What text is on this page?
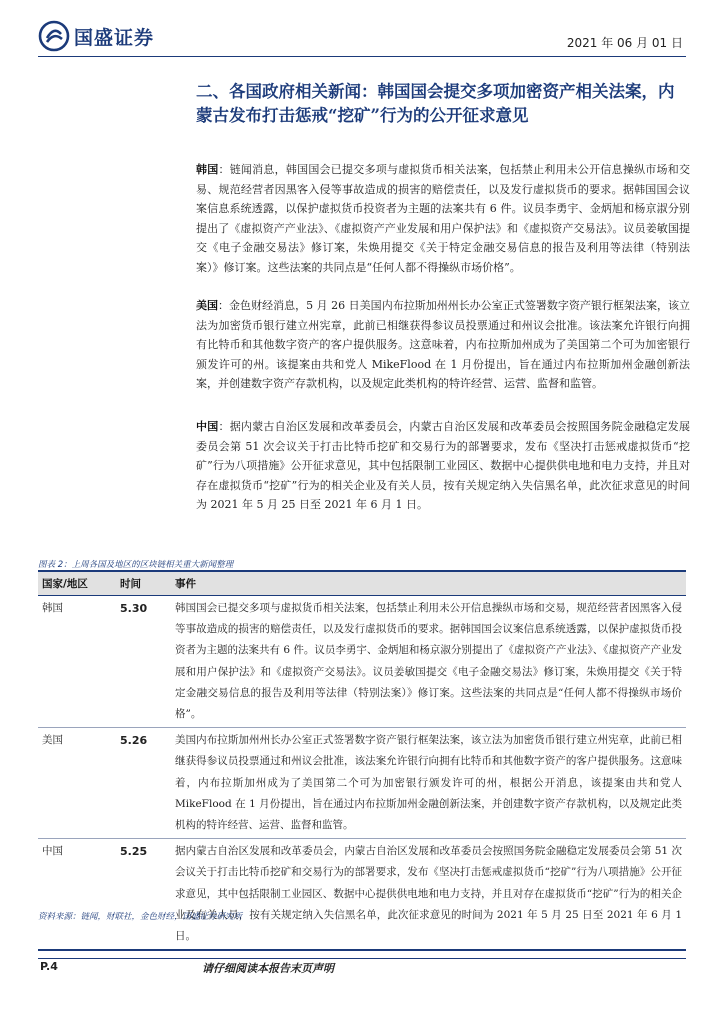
国盛证券	2021 年 06 月 01 日
二、各国政府相关新闻：韩国国会提交多项加密资产相关法案，内蒙古发布打击惩戒“挖矿”行为的公开征求意见
韩国：链闻消息，韩国国会已提交多项与虚拟货币相关法案，包括禁止利用未公开信息操纵市场和交易、规范经营者因黑客入侵等事故造成的损害的赔偿责任，以及发行虚拟货币的要求。据韩国国会议案信息系统透露，以保护虚拟货币投资者为主题的法案共有 6 件。议员李勇宇、金炳旭和杨京淑分别提出了《虚拟资产产业法》、《虚拟资产产业发展和用户保护法》和《虚拟资产交易法》。议员姜敏国提交《电子金融交易法》修订案，朱焕用提交《关于特定金融交易信息的报告及利用等法律（特别法案）》修订案。这些法案的共同点是“任何人都不得操纵市场价格”。
美国：金色财经消息，5 月 26 日美国内布拉斯加州州长办公室正式签署数字资产银行框架法案，该立法为加密货币银行建立州宪章，此前已相继获得参议员投票通过和州议会批准。该法案允许银行向拥有比特币和其他数字资产的客户提供服务。这意味着，内布拉斯加州成为了美国第二个可为加密银行颁发许可的州。该提案由共和党人 MikeFlood 在 1 月份提出，旨在通过内布拉斯加州金融创新法案，并创建数字资产存款机构，以及规定此类机构的特许经营、运营、监督和监管。
中国：据内蒙古自治区发展和改革委员会，内蒙古自治区发展和改革委员会按照国务院金融稳定发展委员会第 51 次会议关于打击比特币挖矿和交易行为的部署要求，发布《坚决打击惩戒虚拟货币“挖矿”行为八项措施》公开征求意见，其中包括限制工业园区、数据中心提供供电地和电力支持，并且对存在虚拟货币“挖矿”行为的相关企业及有关人员，按有关规定纳入失信黑名单，此次征求意见的时间为 2021 年 5 月 25 日至 2021 年 6 月 1 日。
图表 2：上周各国及地区的区块链相关重大新闻整理
国家/地区	时间	事件
韩国	5.30	韩国国会已提交多项与虚拟货币相关法案，包括禁止利用未公开信息操纵市场和交易，规范经营者因黑客入侵等事故造成的损害的赔偿责任，以及发行虚拟货币的要求。据韩国国会议案信息系统透露，以保护虚拟货币投资者为主题的法案共有 6 件。议员李勇宇、金炳旭和杨京淑分别提出了《虚拟资产产业法》、《虚拟资产产业发展和用户保护法》和《虚拟资产交易法》。议员姜敏国提交《电子金融交易法》修订案，朱焕用提交《关于特定金融交易信息的报告及利用等法律（特别法案）》修订案。这些法案的共同点是“任何人都不得操纵市场价格”。
美国	5.26	美国内布拉斯加州州长办公室正式签署数字资产银行框架法案，该立法为加密货币银行建立州宪章，此前已相继获得参议员投票通过和州议会批准，该法案允许银行向拥有比特币和其他数字资产的客户提供服务。这意味着，内布拉斯加州成为了美国第二个可为加密银行颁发许可的州，根据公开消息，该提案由共和党人 MikeFlood 在 1 月份提出，旨在通过内布拉斯加州金融创新法案，并创建数字资产存款机构，以及规定此类机构的特许经营、运营、监督和监管。
中国	5.25	据内蒙古自治区发展和改革委员会，内蒙古自治区发展和改革委员会按照国务院金融稳定发展委员会第 51 次会议关于打击比特币挖矿和交易行为的部署要求，发布《坚决打击惩戒虚拟货币“挖矿”行为八项措施》公开征求意见，其中包括限制工业园区、数据中心提供供电地和电力支持，并且对存在虚拟货币“挖矿”行为的相关企业及有关人员，按有关规定纳入失信黑名单，此次征求意见的时间为 2021 年 5 月 25 日至 2021 年 6 月 1 日。
资料来源：链闻，财联社，金色财经，国盛证券研究所
P.4	请仔细阅读本报告末页声明
